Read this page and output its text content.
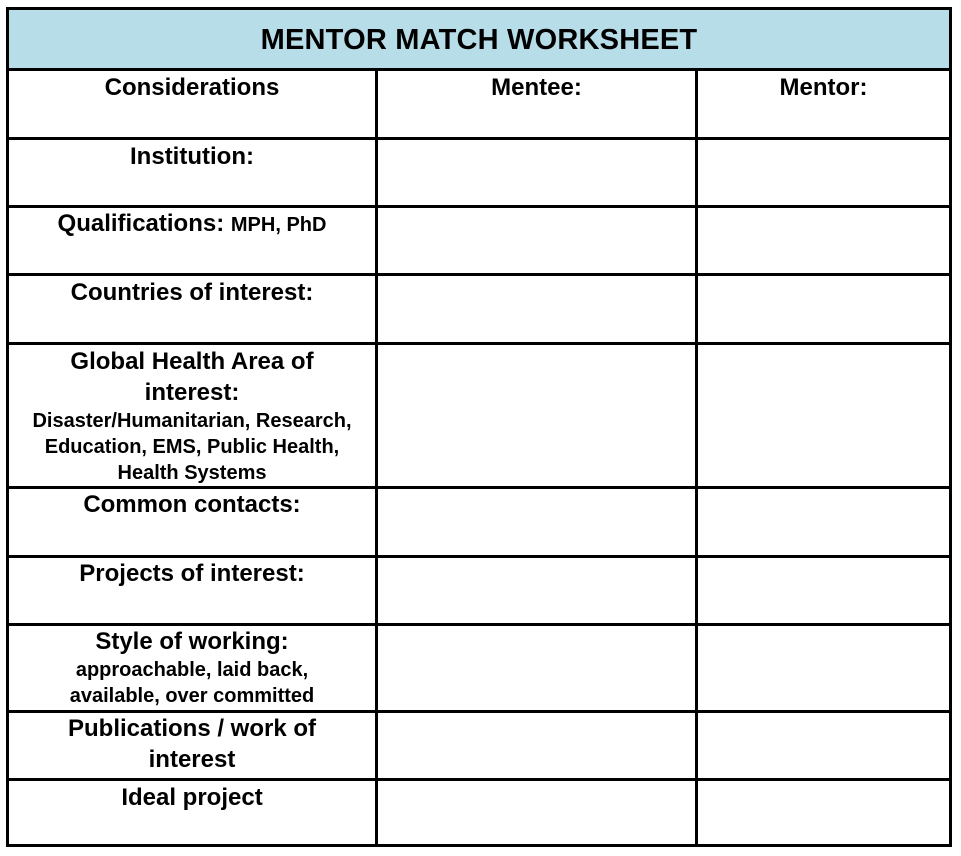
MENTOR MATCH WORKSHEET
Considerations	Mentee:	Mentor:
Institution:
Qualifications: MPH, PhD
Countries of interest:
Global Health Area of interest:
Disaster/Humanitarian, Research, Education, EMS, Public Health, Health Systems
Common contacts:
Projects of interest:
Style of working:
approachable, laid back, available, over committed
Publications / work of interest
Ideal project
